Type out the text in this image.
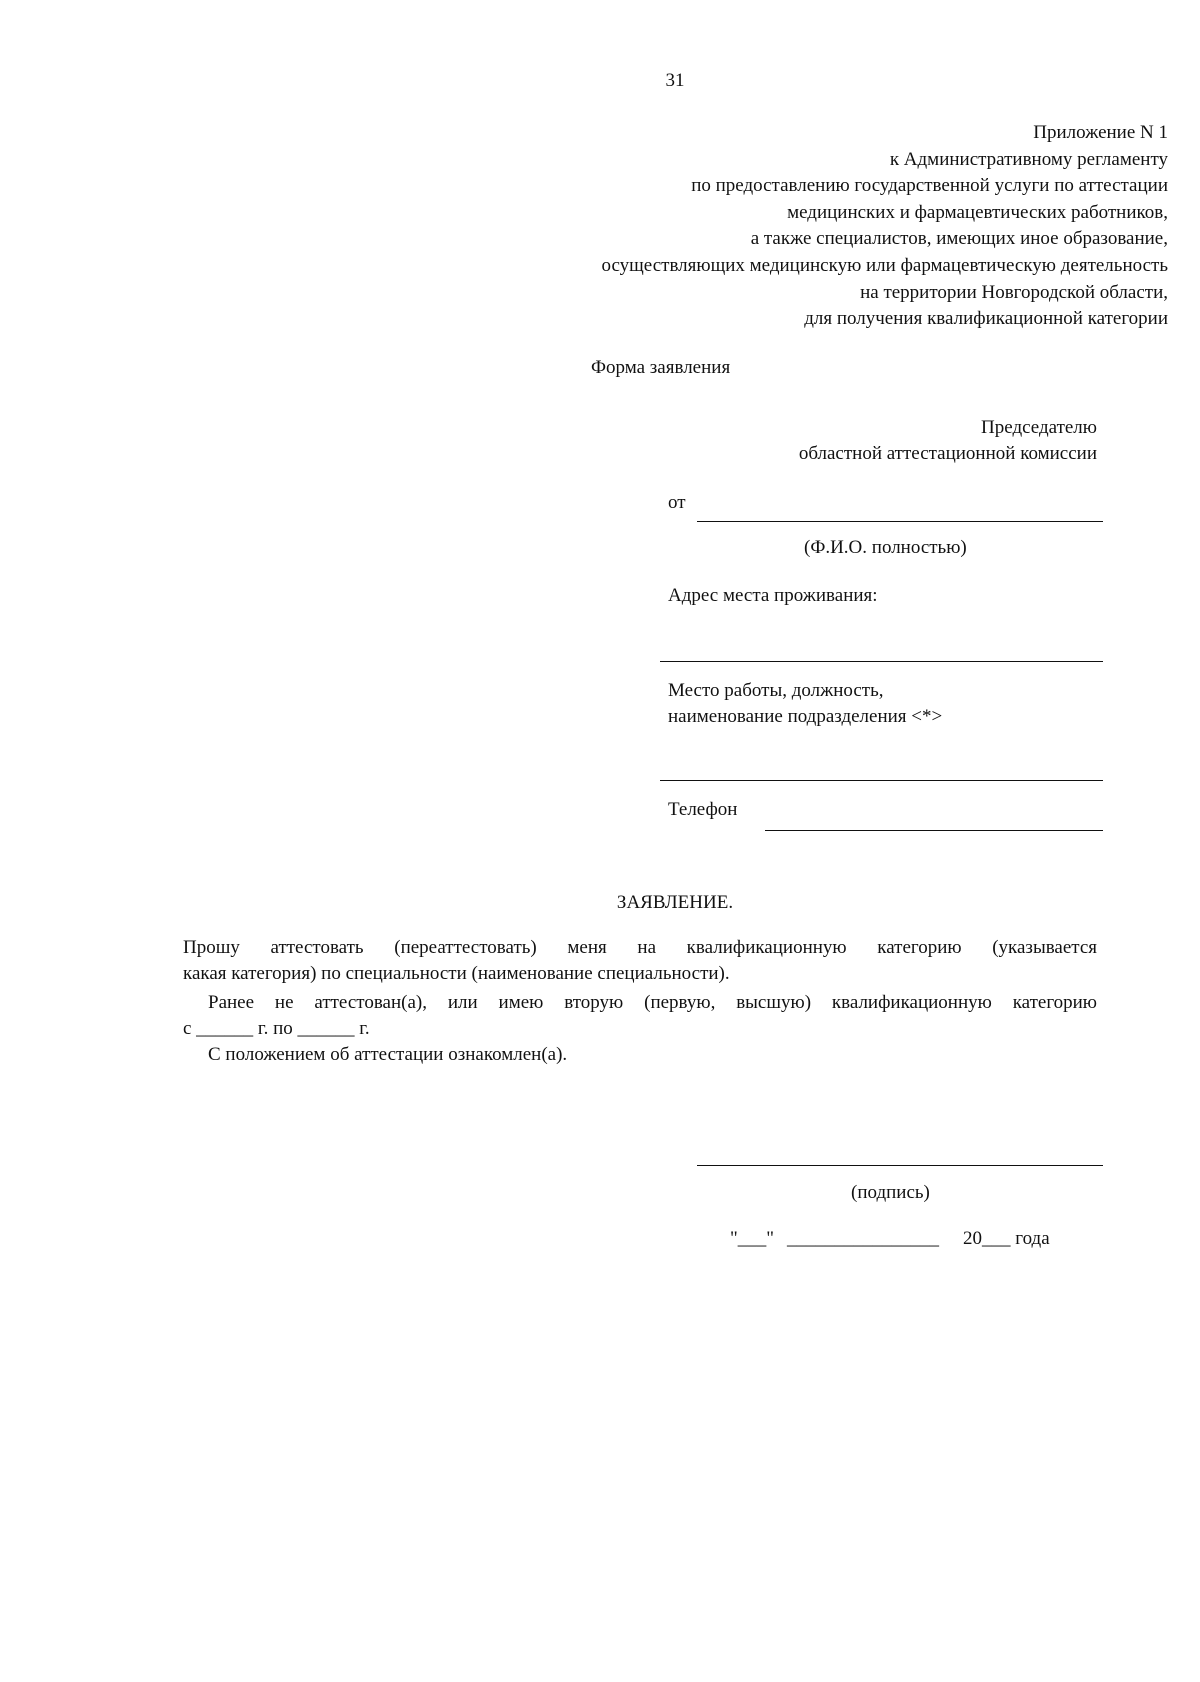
31
Приложение N 1
к Административному регламенту
по предоставлению государственной услуги по аттестации
медицинских и фармацевтических работников,
а также специалистов, имеющих иное образование,
осуществляющих медицинскую или фармацевтическую деятельность
на территории Новгородской области,
для получения квалификационной категории
Форма заявления
Председателю
областной аттестационной комиссии
от
(Ф.И.О. полностью)
Адрес места проживания:
Место работы, должность,
наименование подразделения <*>
Телефон
ЗАЯВЛЕНИЕ.
Прошу аттестовать (переаттестовать) меня на квалификационную категорию (указывается
какая категория) по специальности (наименование специальности).
Ранее не аттестован(а), или имею вторую (первую, высшую) квалификационную категорию
с ______ г. по ______ г.
С положением об аттестации ознакомлен(а).
(подпись)
"___" ________________ 20___ года
